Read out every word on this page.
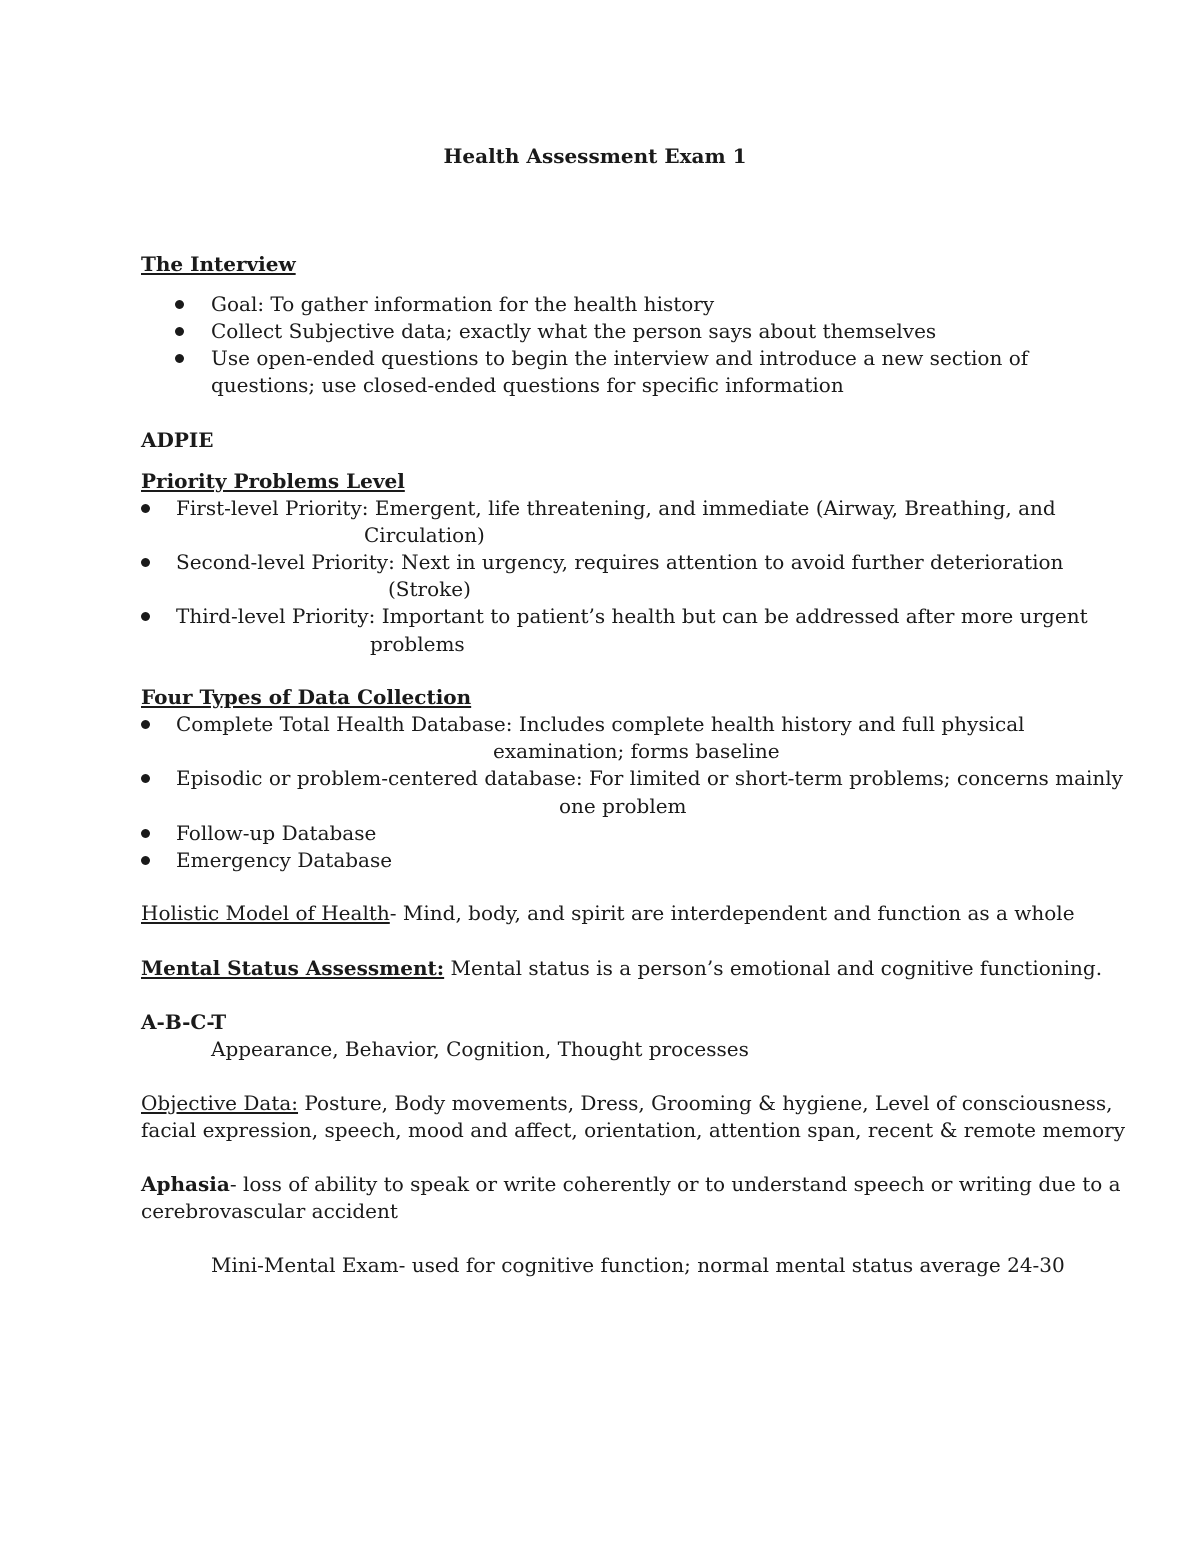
Health Assessment Exam 1
The Interview
Goal: To gather information for the health history
Collect Subjective data; exactly what the person says about themselves
Use open-ended questions to begin the interview and introduce a new section of
questions; use closed-ended questions for specific information
ADPIE
Priority Problems Level
First-level Priority: Emergent, life threatening, and immediate (Airway, Breathing, and
Circulation)
Second-level Priority: Next in urgency, requires attention to avoid further deterioration
(Stroke)
Third-level Priority: Important to patient’s health but can be addressed after more urgent
problems
Four Types of Data Collection
Complete Total Health Database: Includes complete health history and full physical
examination; forms baseline
Episodic or problem-centered database: For limited or short-term problems; concerns mainly
one problem
Follow-up Database
Emergency Database
Holistic Model of Health- Mind, body, and spirit are interdependent and function as a whole
Mental Status Assessment: Mental status is a person’s emotional and cognitive functioning.
A-B-C-T
Appearance, Behavior, Cognition, Thought processes
Objective Data: Posture, Body movements, Dress, Grooming & hygiene, Level of consciousness,
facial expression, speech, mood and affect, orientation, attention span, recent & remote memory
Aphasia- loss of ability to speak or write coherently or to understand speech or writing due to a
cerebrovascular accident
Mini-Mental Exam- used for cognitive function; normal mental status average 24-30
